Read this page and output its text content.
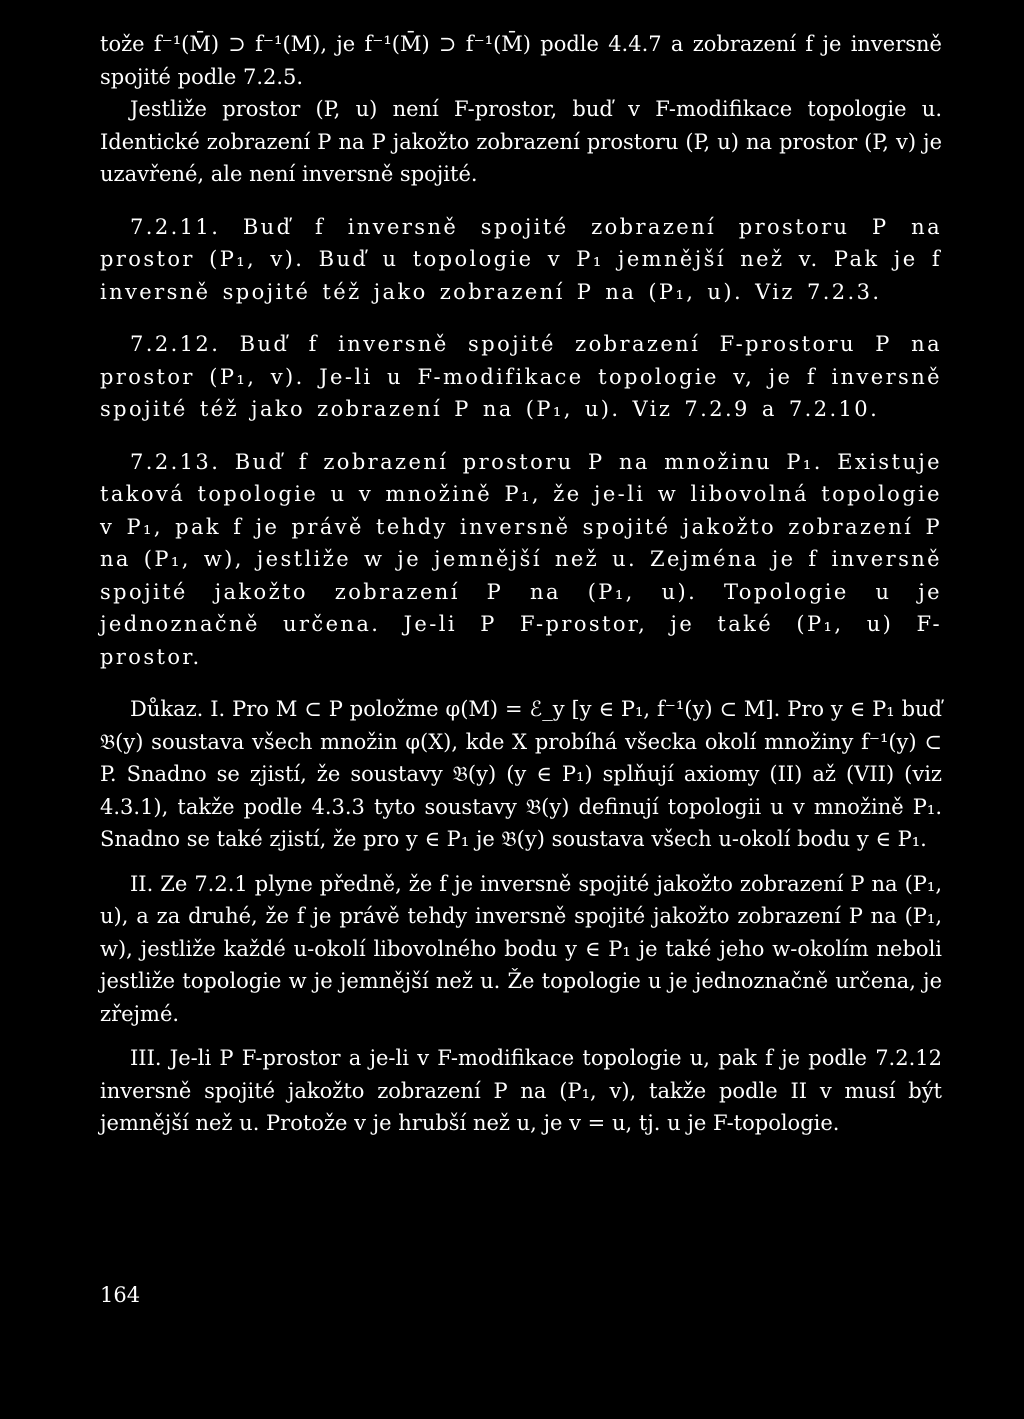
tože f⁻¹(M̄) ⊃ f⁻¹(M), je f⁻¹(M̄) ⊃ f⁻¹(M̄) podle 4.4.7 a zobrazení f je inversně spojité podle 7.2.5.

Jestliže prostor (P, u) není F-prostor, buď v F-modifikace topologie u. Identické zobrazení P na P jakožto zobrazení prostoru (P, u) na prostor (P, v) je uzavřené, ale není inversně spojité.

7.2.11. Buď f inversně spojité zobrazení prostoru P na prostor (P₁, v). Buď u topologie v P₁ jemnější než v. Pak je f inversně spojité též jako zobrazení P na (P₁, u). Viz 7.2.3.

7.2.12. Buď f inversně spojité zobrazení F-prostoru P na prostor (P₁, v). Je-li u F-modifikace topologie v, je f inversně spojité též jako zobrazení P na (P₁, u). Viz 7.2.9 a 7.2.10.

7.2.13. Buď f zobrazení prostoru P na množinu P₁. Existuje taková topologie u v množině P₁, že je-li w libovolná topologie v P₁, pak f je právě tehdy inversně spojité jakožto zobrazení P na (P₁, w), jestliže w je jemnější než u. Zejména je f inversně spojité jakožto zobrazení P na (P₁, u). Topologie u je jednoznačně určena. Je-li P F-prostor, je také (P₁, u) F-prostor.

Důkaz. I. Pro M ⊂ P položme φ(M) = ℰ_y [y ∈ P₁, f⁻¹(y) ⊂ M]. Pro y ∈ P₁ buď 𝔅(y) soustava všech množin φ(X), kde X probíhá všecka okolí množiny f⁻¹(y) ⊂ P. Snadno se zjistí, že soustavy 𝔅(y) (y ∈ P₁) splňují axiomy (II) až (VII) (viz 4.3.1), takže podle 4.3.3 tyto soustavy 𝔅(y) definují topologii u v množině P₁. Snadno se také zjistí, že pro y ∈ P₁ je 𝔅(y) soustava všech u-okolí bodu y ∈ P₁.

II. Ze 7.2.1 plyne předně, že f je inversně spojité jakožto zobrazení P na (P₁, u), a za druhé, že f je právě tehdy inversně spojité jakožto zobrazení P na (P₁, w), jestliže každé u-okolí libovolného bodu y ∈ P₁ je také jeho w-okolím neboli jestliže topologie w je jemnější než u. Že topologie u je jednoznačně určena, je zřejmé.

III. Je-li P F-prostor a je-li v F-modifikace topologie u, pak f je podle 7.2.12 inversně spojité jakožto zobrazení P na (P₁, v), takže podle II v musí být jemnější než u. Protože v je hrubší než u, je v = u, tj. u je F-topologie.

164
